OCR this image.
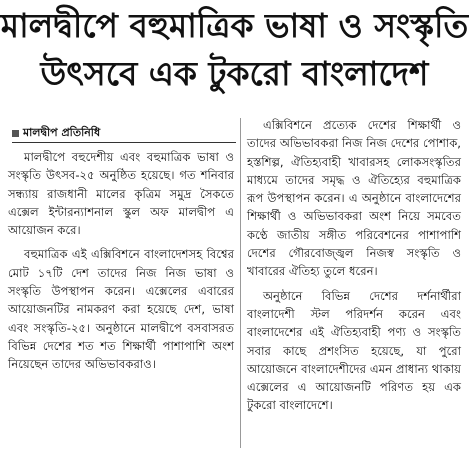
মালদ্বীপে বহুমাত্রিক ভাষা ও সংস্কৃতি
উৎসবে এক টুকরো বাংলাদেশ
মালদ্বীপ প্রতিনিধি

মালদ্বীপে বহুদেশীয় এবং বহুমাত্রিক ভাষা ও সংস্কৃতি উৎসব-২৫ অনুষ্ঠিত হয়েছে। গত শনিবার সন্ধ্যায় রাজধানী মালের কৃত্রিম সমুদ্র সৈকতে এক্সেল ইন্টারন্যাশনাল স্কুল অফ মালদ্বীপ এ আয়োজন করে।

বহুমাত্রিক এই এক্সিবিশনে বাংলাদেশসহ বিশ্বের মোট ১৭টি দেশ তাদের নিজ নিজ ভাষা ও সংস্কৃতি উপস্থাপন করেন। এক্সেলের এবারের আয়োজনটির নামকরণ করা হয়েছে দেশ, ভাষা এবং সংস্কৃতি-২৫। অনুষ্ঠানে মালদ্বীপে বসবাসরত বিভিন্ন দেশের শত শত শিক্ষার্থী পাশাপাশি অংশ নিয়েছেন তাদের অভিভাবকরাও।

এক্সিবিশনে প্রত্যেক দেশের শিক্ষার্থী ও তাদের অভিভাবকরা নিজ নিজ দেশের পোশাক, হস্তশিল্প, ঐতিহ্যবাহী খাবারসহ লোকসংস্কৃতির মাধ্যমে তাদের সমৃদ্ধ ও ঐতিহ্যের বহুমাত্রিক রূপ উপস্থাপন করেন। এ অনুষ্ঠানে বাংলাদেশের শিক্ষার্থী ও অভিভাবকরা অংশ নিয়ে সমবেত কণ্ঠে জাতীয় সঙ্গীত পরিবেশনের পাশাপাশি দেশের গৌরবোজ্জ্বল নিজস্ব সংস্কৃতি ও খাবারের ঐতিহ্য তুলে ধরেন।

অনুষ্ঠানে বিভিন্ন দেশের দর্শনার্থীরা বাংলাদেশী স্টল পরিদর্শন করেন এবং বাংলাদেশের এই ঐতিহ্যবাহী পণ্য ও সংস্কৃতি সবার কাছে প্রশংসিত হয়েছে, যা পুরো আয়োজনে বাংলাদেশীদের এমন প্রাধান্য থাকায় এক্সেলের এ আয়োজনটি পরিণত হয় এক টুকরো বাংলাদেশে।
